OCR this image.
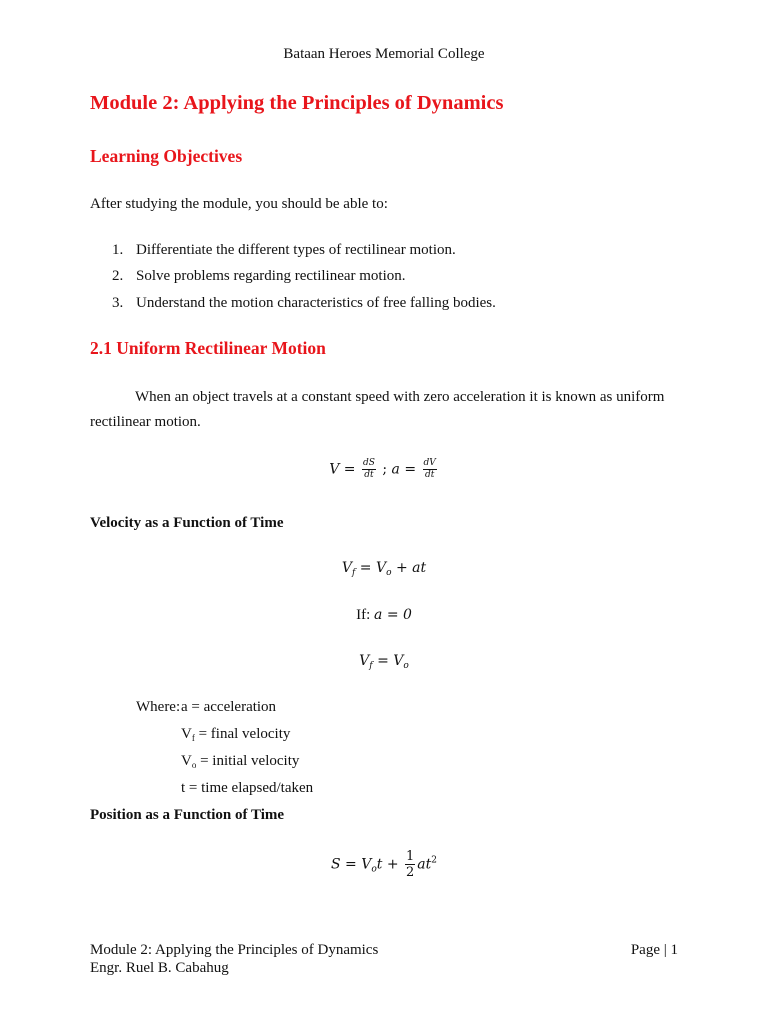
Bataan Heroes Memorial College
Module 2: Applying the Principles of Dynamics
Learning Objectives
After studying the module, you should be able to:
1. Differentiate the different types of rectilinear motion.
2. Solve problems regarding rectilinear motion.
3. Understand the motion characteristics of free falling bodies.
2.1 Uniform Rectilinear Motion
When an object travels at a constant speed with zero acceleration it is known as uniform
rectilinear motion.
$V = \frac{dS}{dt}$ ; $a = \frac{dV}{dt}$
Velocity as a Function of Time
$V_f = V_o$ + at
If: a = 0
$V_f = V_o$
Where: a = acceleration
$V_f$ = final velocity
$V_o$ = initial velocity
t = time elapsed/taken
Position as a Function of Time
$S = V_ot + \frac{1}{2} at^2$
Module 2: Applying the Principles of Dynamics
Engr. Ruel B. Cabahug
Page | 1
